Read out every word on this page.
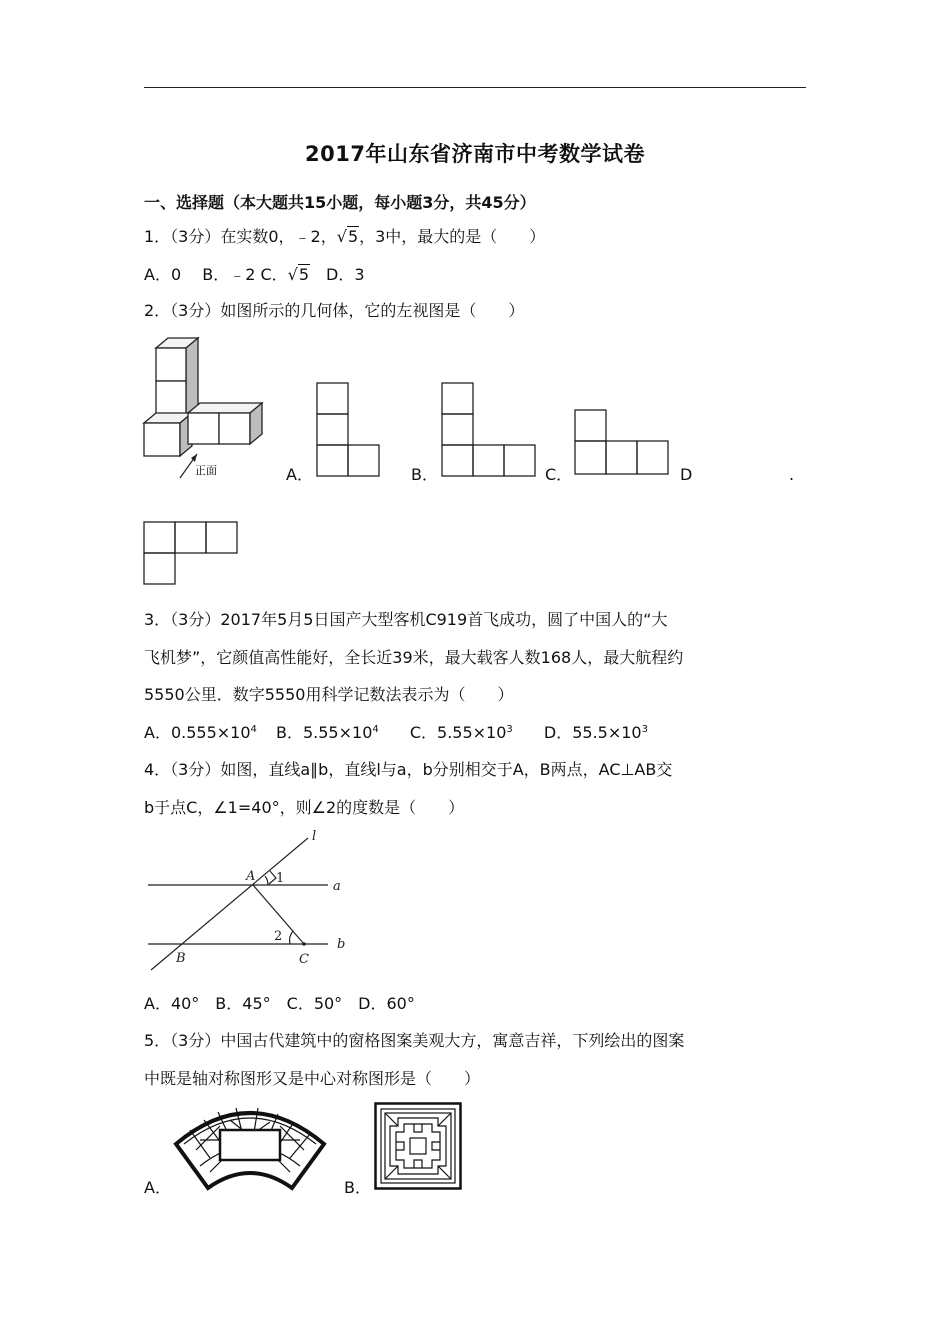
2017年山东省济南市中考数学试卷
一、选择题（本大题共15小题，每小题3分，共45分）
1．（3分）在实数0，﹣2，√5，3中，最大的是（　　）
A．0　 B．﹣2 C．√5　D．3
2．（3分）如图所示的几何体，它的左视图是（　　）
正面	A．	B．	C．	D	.
3．（3分）2017年5月5日国产大型客机C919首飞成功，圆了中国人的“大
飞机梦”，它颜值高性能好，全长近39米，最大载客人数168人，最大航程约
5550公里．数字5550用科学记数法表示为（　　）
A．$0.555\times 10^4$ B．$5.55\times 10^4$ C．$5.55\times 10^3$ D．$55.5\times 10^3$
4．（3分）如图，直线a∥b，直线l与a，b分别相交于A，B两点，AC⊥AB交
b于点C，∠1=40°，则∠2的度数是（　　）
l
a
b
A
B	C
1
2
A．40°　B．45°　C．50°　D．60°
5．（3分）中国古代建筑中的窗格图案美观大方，寓意吉祥，下列绘出的图案
中既是轴对称图形又是中心对称图形是（　　）
A．	B．
